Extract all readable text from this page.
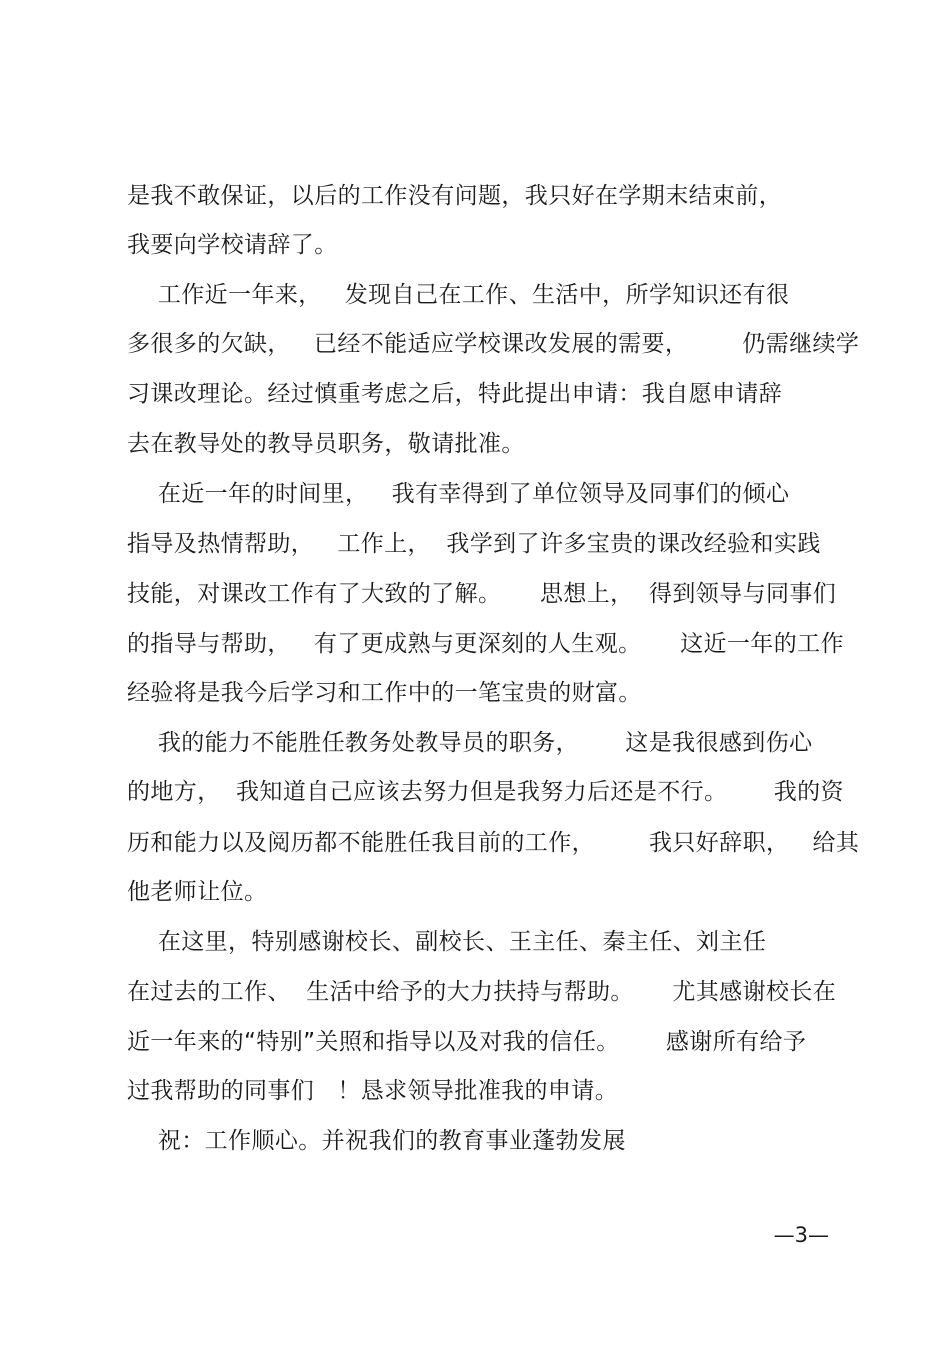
是我不敢保证，以后的工作没有问题，我只好在学期末结束前，
我要向学校请辞了。
工作近一年来，   发现自己在工作、生活中，所学知识还有很
多很多的欠缺，   已经不能适应学校课改发展的需要，       仍需继续学
习课改理论。经过慎重考虑之后，特此提出申请：我自愿申请辞
去在教导处的教导员职务，敬请批准。
在近一年的时间里，   我有幸得到了单位领导及同事们的倾心
指导及热情帮助，   工作上，  我学到了许多宝贵的课改经验和实践
技能，对课改工作有了大致的了解。     思想上，  得到领导与同事们
的指导与帮助，   有了更成熟与更深刻的人生观。     这近一年的工作
经验将是我今后学习和工作中的一笔宝贵的财富。
我的能力不能胜任教务处教导员的职务，      这是我很感到伤心
的地方，  我知道自己应该去努力但是我努力后还是不行。      我的资
历和能力以及阅历都不能胜任我目前的工作，       我只好辞职，   给其
他老师让位。
在这里，特别感谢校长、副校长、王主任、秦主任、刘主任
在过去的工作、  生活中给予的大力扶持与帮助。     尤其感谢校长在
近一年来的“特别”关照和指导以及对我的信任。      感谢所有给予
过我帮助的同事们   ！恳求领导批准我的申请。
祝：工作顺心。并祝我们的教育事业蓬勃发展
—3—
